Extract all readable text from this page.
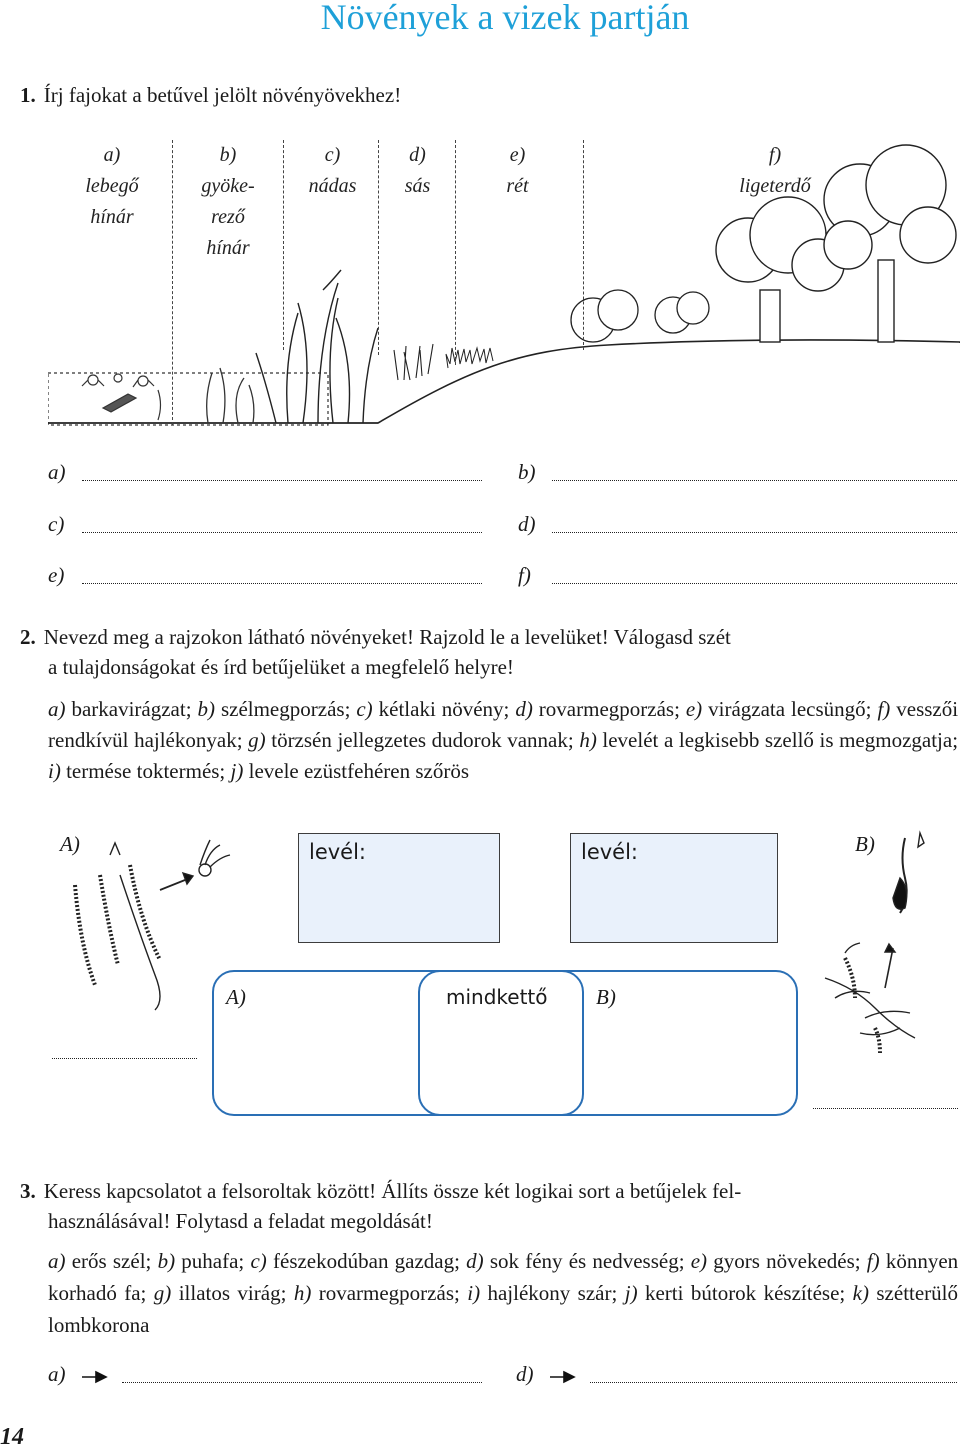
Növények a vizek partján
1. Írj fajokat a betűvel jelölt növényövekhez!
a)
lebegő
hínár
b)
gyöke-
rező
hínár
c)
nádas
d)
sás
e)
rét
f)
ligeterdő
a)	b)
c)	d)
e)	f)
2. Nevezd meg a rajzokon látható növényeket! Rajzold le a levelüket! Válogasd szét
a tulajdonságokat és írd betűjelüket a megfelelő helyre!
a) barkavirágzat; b) szélmegporzás; c) kétlaki növény; d) rovarmegporzás; e) virágzata lecsüngő; f) vesszői rendkívül hajlékonyak; g) törzsén jellegzetes dudorok vannak; h) levelét a legkisebb szellő is megmozgatja; i) termése toktermés; j) levele ezüstfehéren szőrös
A)	B)
levél:	levél:
A)	mindkettő B)
3. Keress kapcsolatot a felsoroltak között! Állíts össze két logikai sort a betűjelek fel-
használásával! Folytasd a feladat megoldását!
a) erős szél; b) puhafa; c) fészekodúban gazdag; d) sok fény és nedvesség; e) gyors növekedés; f) könnyen korhadó fa; g) illatos virág; h) rovarmegporzás; i) hajlékony szár; j) kerti bútorok készítése; k) szétterülő lombkorona
a)	d)
14
